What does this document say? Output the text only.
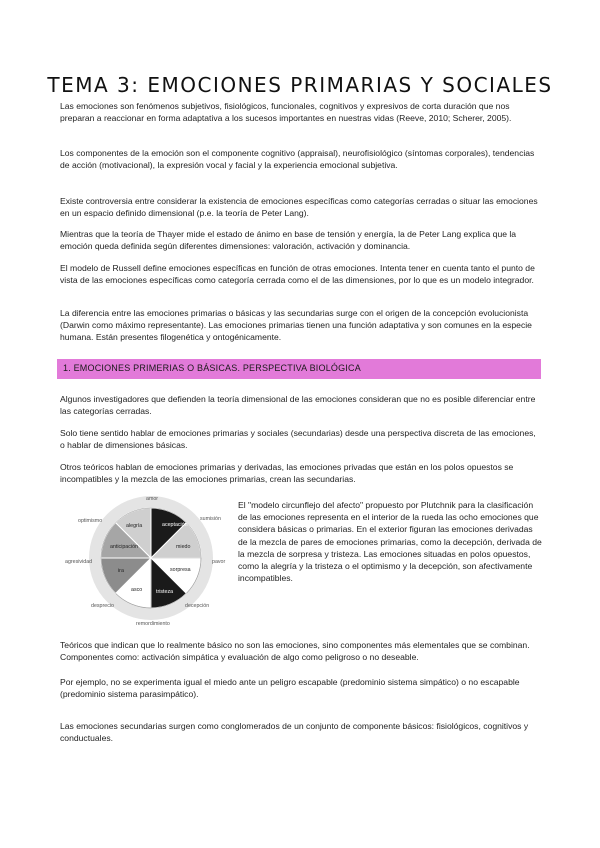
TEMA 3: EMOCIONES PRIMARIAS Y SOCIALES

Las emociones son fenómenos subjetivos, fisiológicos, funcionales, cognitivos y expresivos de corta duración que nos preparan a reaccionar en forma adaptativa a los sucesos importantes en nuestras vidas (Reeve, 2010; Scherer, 2005).

Los componentes de la emoción son el componente cognitivo (appraisal), neurofisiológico (síntomas corporales), tendencias de acción (motivacional), la expresión vocal y facial y la experiencia emocional subjetiva.

Existe controversia entre considerar la existencia de emociones específicas como categorías cerradas o situar las emociones en un espacio definido dimensional (p.e. la teoría de Peter Lang).

Mientras que la teoría de Thayer mide el estado de ánimo en base de tensión y energía, la de Peter Lang explica que la emoción queda definida según diferentes dimensiones: valoración, activación y dominancia.

El modelo de Russell define emociones específicas en función de otras emociones. Intenta tener en cuenta tanto el punto de vista de las emociones específicas como categoría cerrada como el de las dimensiones, por lo que es un modelo integrador.

La diferencia entre las emociones primarias o básicas y las secundarias surge con el origen de la concepción evolucionista (Darwin como máximo representante). Las emociones primarias tienen una función adaptativa y son comunes en la especie humana. Están presentes filogenética y ontogénicamente.

1. EMOCIONES PRIMERIAS O BÁSICAS. PERSPECTIVA BIOLÓGICA

Algunos investigadores que defienden la teoría dimensional de las emociones consideran que no es posible diferenciar entre las categorías cerradas.

Solo tiene sentido hablar de emociones primarias y sociales (secundarias) desde una perspectiva discreta de las emociones, o hablar de dimensiones básicas.

Otros teóricos hablan de emociones primarias y derivadas, las emociones privadas que están en los polos opuestos se incompatibles y la mezcla de las emociones primarias, crean las secundarias.

aceptación
miedo
sorpresa
tristeza
asco
ira
anticipación
alegría
amor
sumisión
pavor
decepción
remordimiento
desprecio
agresividad
optimismo

El "modelo circunflejo del afecto" propuesto por Plutchnik para la clasificación de las emociones representa en el interior de la rueda las ocho emociones que considera básicas o primarias. En el exterior figuran las emociones derivadas de la mezcla de pares de emociones primarias, como la decepción, derivada de la mezcla de sorpresa y tristeza. Las emociones situadas en polos opuestos, como la alegría y la tristeza o el optimismo y la decepción, son afectivamente incompatibles.

Teóricos que indican que lo realmente básico no son las emociones, sino componentes más elementales que se combinan. Componentes como: activación simpática y evaluación de algo como peligroso o no deseable.

Por ejemplo, no se experimenta igual el miedo ante un peligro escapable (predominio sistema simpático) o no escapable (predominio sistema parasimpático).

Las emociones secundarias surgen como conglomerados de un conjunto de componente básicos: fisiológicos, cognitivos y conductuales.
